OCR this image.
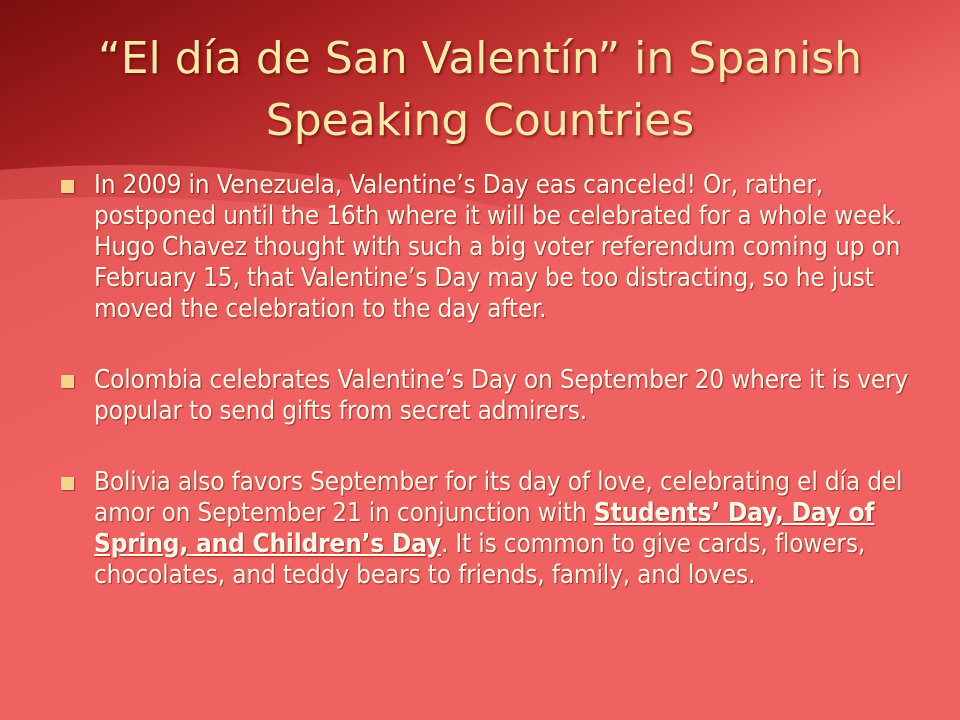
“El día de San Valentín” in Spanish
Speaking Countries
In 2009 in Venezuela, Valentine’s Day eas canceled! Or, rather, postponed until the 16th where it will be celebrated for a whole week. Hugo Chavez thought with such a big voter referendum coming up on February 15, that Valentine’s Day may be too distracting, so he just moved the celebration to the day after.
Colombia celebrates Valentine’s Day on September 20 where it is very popular to send gifts from secret admirers.
Bolivia also favors September for its day of love, celebrating el día del amor on September 21 in conjunction with Students’ Day, Day of Spring, and Children’s Day. It is common to give cards, flowers, chocolates, and teddy bears to friends, family, and loves.
